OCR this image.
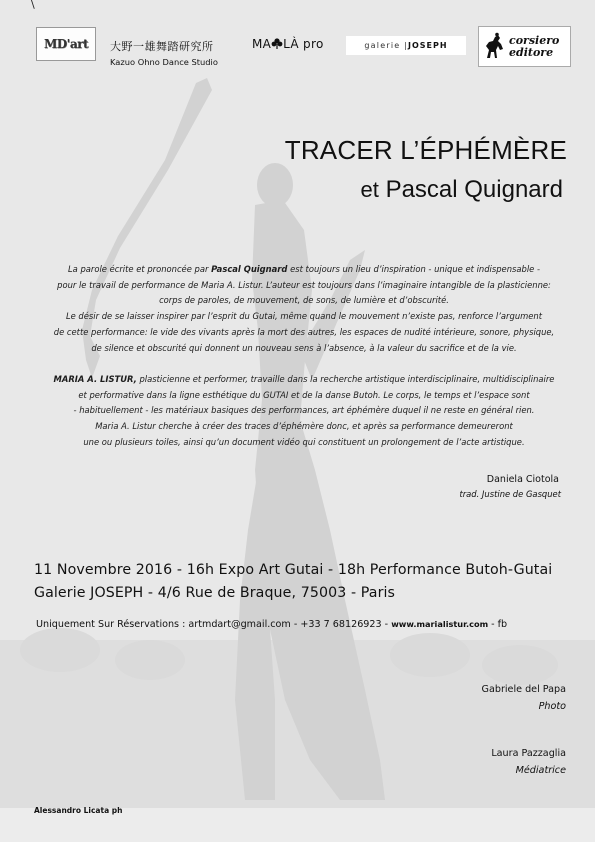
\
MD'art 大野一雄舞踏研究所
Kazuo Ohno Dance Studio
MA LÀ pro	galerie | JOSEPH	corsiero
editore
TRACER L’ÉPHÉMÈRE
et Pascal Quignard
La parole écrite et prononcée par Pascal Quignard est toujours un lieu d’inspiration - unique et indispensable -
pour le travail de performance de Maria A. Listur. L’auteur est toujours dans l’imaginaire intangible de la plasticienne:
corps de paroles, de mouvement, de sons, de lumière et d’obscurité.
Le désir de se laisser inspirer par l’esprit du Gutai, même quand le mouvement n’existe pas, renforce l’argument
de cette performance: le vide des vivants après la mort des autres, les espaces de nudité intérieure, sonore, physique,
de silence et obscurité qui donnent un nouveau sens à l’absence, à la valeur du sacrifice et de la vie.
MARIA A. LISTUR, plasticienne et performer, travaille dans la recherche artistique interdisciplinaire, multidisciplinaire
et performative dans la ligne esthétique du GUTAI et de la danse Butoh. Le corps, le temps et l’espace sont
- habituellement - les matériaux basiques des performances, art éphémère duquel il ne reste en général rien.
Maria A. Listur cherche à créer des traces d’éphémère donc, et après sa performance demeureront
une ou plusieurs toiles, ainsi qu’un document vidéo qui constituent un prolongement de l’acte artistique.
Daniela Ciotola
trad. Justine de Gasquet
11 Novembre 2016 - 16h Expo Art Gutai - 18h Performance Butoh-Gutai
Galerie JOSEPH - 4/6 Rue de Braque, 75003 - Paris
Uniquement Sur Réservations : artmdart@gmail.com - +33 7 68126923 - www.marialistur.com - fb
Gabriele del Papa
Photo
Laura Pazzaglia
Médiatrice
Alessandro Licata ph
